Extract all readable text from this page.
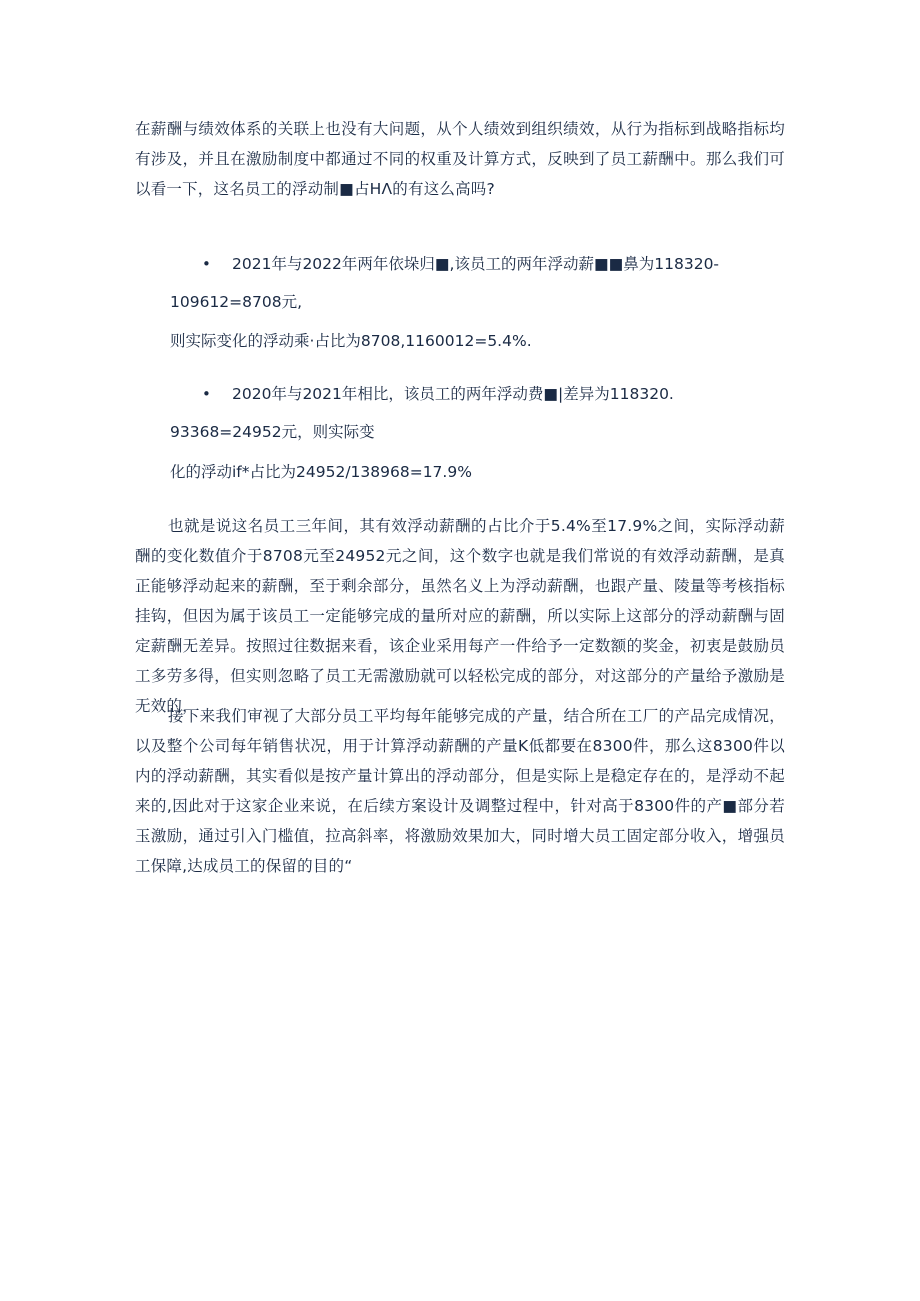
在薪酬与绩效体系的关联上也没有大问题，从个人绩效到组织绩效，从行为指标到战略指标均有涉及，并且在激励制度中都通过不同的权重及计算方式，反映到了员工薪酬中。那么我们可以看一下，这名员工的浮动制■占HΛ的有这么高吗?

• 2021年与2022年两年依垛归■,该员工的两年浮动薪■■鼻为118320-

109612=8708元,

则实际变化的浮动乘·占比为8708,1160012=5.4%.

• 2020年与2021年相比，该员工的两年浮动费■|差异为118320.

93368=24952元，则实际变

化的浮动if*占比为24952/138968=17.9%

也就是说这名员工三年间，其有效浮动薪酬的占比介于5.4%至17.9%之间，实际浮动薪酬的变化数值介于8708元至24952元之间，这个数字也就是我们常说的有效浮动薪酬，是真正能够浮动起来的薪酬，至于剩余部分，虽然名义上为浮动薪酬，也跟产量、陵量等考核指标挂钩，但因为属于该员工一定能够完成的量所对应的薪酬，所以实际上这部分的浮动薪酬与固定薪酬无差异。按照过往数据来看，该企业采用每产一件给予一定数额的奖金，初衷是鼓励员工多劳多得，但实则忽略了员工无需激励就可以轻松完成的部分，对这部分的产量给予激励是无效的，

接下来我们审视了大部分员工平均每年能够完成的产量，结合所在工厂的产品完成情况，以及整个公司每年销售状况，用于计算浮动薪酬的产量K低都要在8300件，那么这8300件以内的浮动薪酬，其实看似是按产量计算出的浮动部分，但是实际上是稳定存在的，是浮动不起来的,因此对于这家企业来说，在后续方案设计及调整过程中，针对高于8300件的产■部分若玉激励，通过引入门槛值，拉高斜率，将激励效果加大，同时增大员工固定部分收入，增强员工保障,达成员工的保留的目的“
